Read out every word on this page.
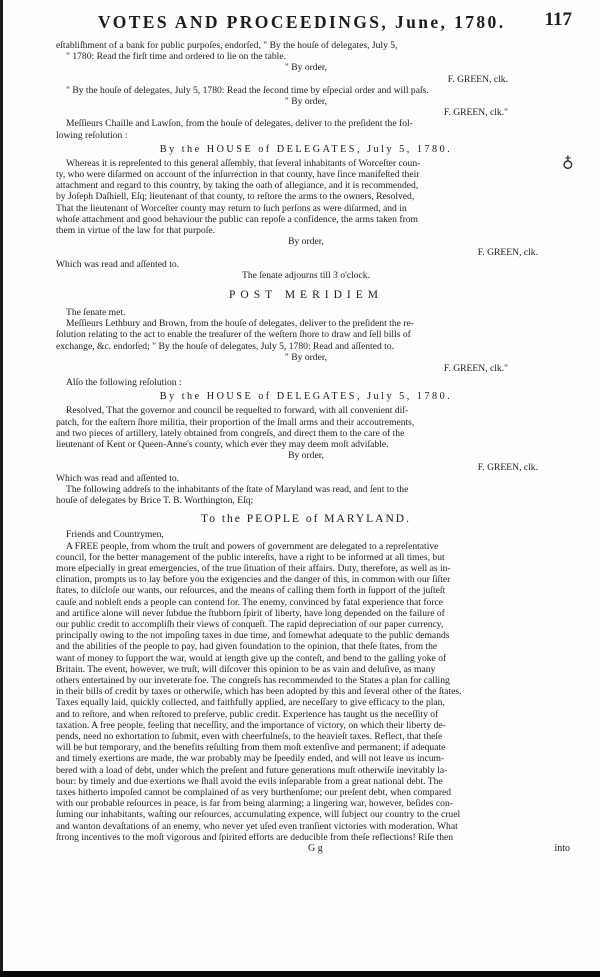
♁
VOTES AND PROCEEDINGS, June, 1780. 117
eſtabliſhment of a bank for public purpoſes, endorſed, " By the houſe of delegates, July 5,
" 1780: Read the firſt time and ordered to lie on the table.
" By order,
F. GREEN, clk.
" By the houſe of delegates, July 5, 1780: Read the ſecond time by eſpecial order and will paſs.
" By order,
F. GREEN, clk."
Meſſieurs Chaille and Lawſon, from the houſe of delegates, deliver to the preſident the fol-
lowing reſolution :
By the HOUSE of DELEGATES, July 5, 1780.
Whereas it is repreſented to this general aſſembly, that ſeveral inhabitants of Worceſter coun-
ty, who were diſarmed on account of the inſurrection in that county, have ſince manifeſted their
attachment and regard to this country, by taking the oath of allegiance, and it is recommended,
by Joſeph Daſhiell, Eſq; lieutenant of that county, to reſtore the arms to the owners, Resolved,
That the lieutenant of Worceſter county may return to ſuch perſons as were diſarmed, and in
whoſe attachment and good behaviour the public can repoſe a confidence, the arms taken from
them in virtue of the law for that purpoſe.
By order,
F. GREEN, clk.
Which was read and aſſented to.
The ſenate adjourns till 3 o'clock.
POST MERIDIEM
The ſenate met.
Meſſieurs Lethbury and Brown, from the houſe of delegates, deliver to the preſident the re-
ſolution relating to the act to enable the treaſurer of the weſtern ſhore to draw and ſell bills of
exchange, &c. endorſed; " By the houſe of delegates, July 5, 1780: Read and aſſented to.
" By order,
F. GREEN, clk."
Alſo the following reſolution :
By the HOUSE of DELEGATES, July 5, 1780.
Resolved, That the governor and council be requeſted to forward, with all convenient diſ-
patch, for the eaſtern ſhore militia, their proportion of the ſmall arms and their accoutrements,
and two pieces of artillery, lately obtained from congreſs, and direct them to the care of the
lieutenant of Kent or Queen-Anne's county, which ever they may deem moſt adviſable.
By order,
F. GREEN, clk.
Which was read and aſſented to.
The following addreſs to the inhabitants of the ſtate of Maryland was read, and ſent to the
houſe of delegates by Brice T. B. Worthington, Eſq;
To the PEOPLE of MARYLAND.
Friends and Countrymen,
A FREE people, from whom the truſt and powers of government are delegated to a repreſentative
council, for the better management of the public intereſts, have a right to be informed at all times, but
more eſpecially in great emergencies, of the true ſituation of their affairs. Duty, therefore, as well as in-
clination, prompts us to lay before you the exigencies and the danger of this, in common with our ſiſter
ſtates, to diſcloſe our wants, our reſources, and the means of calling them forth in ſupport of the juſteſt
cauſe and nobleſt ends a people can contend for. The enemy, convinced by fatal experience that force
and artifice alone will never ſubdue the ſtubborn ſpirit of liberty, have long depended on the failure of
our public credit to accompliſh their views of conqueſt. The rapid depreciation of our paper currency,
principally owing to the not impoſing taxes in due time, and ſomewhat adequate to the public demands
and the abilities of the people to pay, had given foundation to the opinion, that theſe ſtates, from the
want of money to ſupport the war, would at length give up the conteſt, and bend to the galling yoke of
Britain. The event, however, we truſt, will diſcover this opinion to be as vain and deluſive, as many
others entertained by our inveterate foe. The congreſs has recommended to the States a plan for calling
in their bills of credit by taxes or otherwiſe, which has been adopted by this and ſeveral other of the ſtates.
Taxes equally laid, quickly collected, and faithfully applied, are neceſſary to give efficacy to the plan,
and to reſtore, and when reſtored to preſerve, public credit. Experience has taught us the neceſſity of
taxation. A free people, feeling that neceſſity, and the importance of victory, on which their liberty de-
pends, need no exhortation to ſubmit, even with cheerfulneſs, to the heavieſt taxes. Reflect, that theſe
will be but temporary, and the benefits reſulting from them moſt extenſive and permanent; if adequate
and timely exertions are made, the war probably may be ſpeedily ended, and will not leave us incum-
bered with a load of debt, under which the preſent and future generations muſt otherwiſe inevitably la-
bour: by timely and due exertions we ſhall avoid the evils inſeparable from a great national debt. The
taxes hitherto impoſed cannot be complained of as very burthenſome; our preſent debt, when compared
with our probable reſources in peace, is far from being alarming; a lingering war, however, beſides con-
ſuming our inhabitants, waſting our reſources, accumulating expence, will ſubject our country to the cruel
and wanton devaſtations of an enemy, who never yet uſed even tranſient victories with moderation. What
ſtrong incentives to the moſt vigorous and ſpirited efforts are deducible from theſe reflections! Riſe then
G g	into
